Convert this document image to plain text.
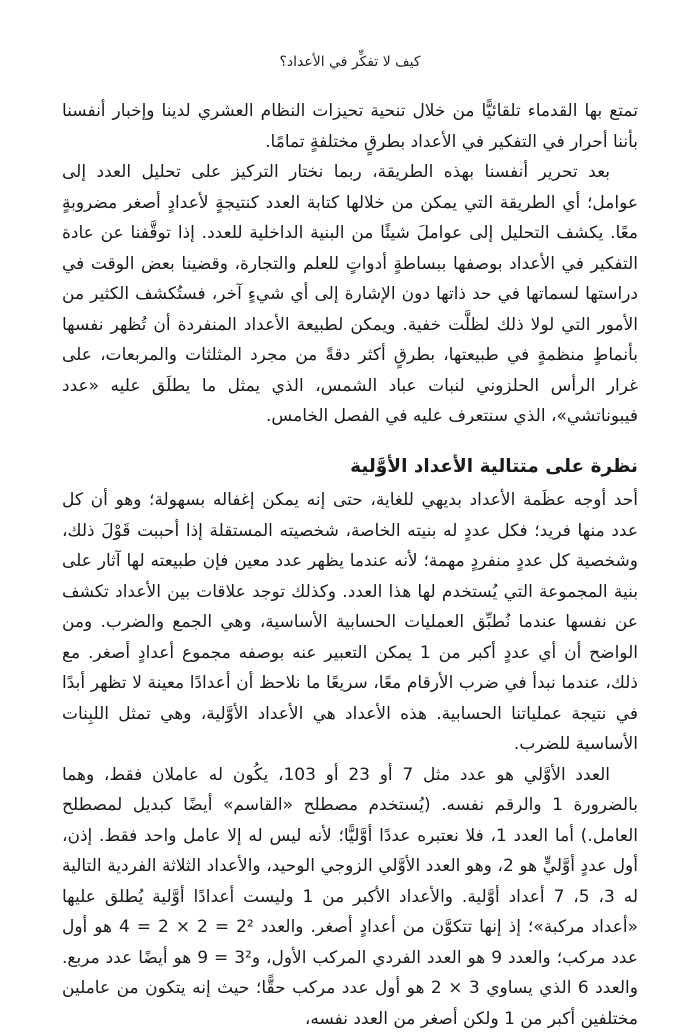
كيف لا تفكِّر في الأعداد؟

تمتع بها القدماء تلقائيًّا من خلال تنحية تحيزات النظام العشري لدينا وإخبار أنفسنا بأننا أحرار في التفكير في الأعداد بطرقٍ مختلفةٍ تمامًا.

بعد تحرير أنفسنا بهذه الطريقة، ربما نختار التركيز على تحليل العدد إلى عوامل؛ أي الطريقة التي يمكن من خلالها كتابة العدد كنتيجةٍ لأعدادٍ أصغر مضروبةٍ معًا. يكشف التحليل إلى عواملَ شيئًا من البنية الداخلية للعدد. إذا توقَّفنا عن عادة التفكير في الأعداد بوصفها ببساطةٍ أدواتٍ للعلم والتجارة، وقضينا بعض الوقت في دراستها لسماتها في حد ذاتها دون الإشارة إلى أي شيءٍ آخر، فستُكشف الكثير من الأمور التي لولا ذلك لظلَّت خفية. ويمكن لطبيعة الأعداد المنفردة أن تُظهر نفسها بأنماطٍ منظمةٍ في طبيعتها، بطرقٍ أكثر دقةً من مجرد المثلثات والمربعات، على غرار الرأس الحلزوني لنبات عباد الشمس، الذي يمثل ما يطلَق عليه «عدد فيبوناتشي»، الذي سنتعرف عليه في الفصل الخامس.

نظرة على متتالية الأعداد الأوَّلية

أحد أوجه عظَمة الأعداد بديهي للغاية، حتى إنه يمكن إغفاله بسهولة؛ وهو أن كل عدد منها فريد؛ فكل عددٍ له بنيته الخاصة، شخصيته المستقلة إذا أحببت قَوْلَ ذلك، وشخصية كل عددٍ منفردٍ مهمة؛ لأنه عندما يظهر عدد معين فإن طبيعته لها آثار على بنية المجموعة التي يُستخدم لها هذا العدد. وكذلك توجد علاقات بين الأعداد تكشف عن نفسها عندما نُطبِّق العمليات الحسابية الأساسية، وهي الجمع والضرب. ومن الواضح أن أي عددٍ أكبر من 1 يمكن التعبير عنه بوصفه مجموع أعدادٍ أصغر. مع ذلك، عندما نبدأ في ضرب الأرقام معًا، سريعًا ما نلاحظ أن أعدادًا معينة لا تظهر أبدًا في نتيجة عملياتنا الحسابية. هذه الأعداد هي الأعداد الأوَّلية، وهي تمثل اللبِنات الأساسية للضرب.

العدد الأوَّلي هو عدد مثل 7 أو 23 أو 103، يكُون له عاملان فقط، وهما بالضرورة 1 والرقم نفسه. (يُستخدم مصطلح «القاسم» أيضًا كبديل لمصطلح العامل.) أما العدد 1، فلا نعتبره عددًا أوَّليًّا؛ لأنه ليس له إلا عامل واحد فقط. إذن، أول عددٍ أوَّليٍّ هو 2، وهو العدد الأوَّلي الزوجي الوحيد، والأعداد الثلاثة الفردية التالية له 3، 5، 7 أعداد أوَّلية. والأعداد الأكبر من 1 وليست أعدادًا أوَّلية يُطلق عليها «أعداد مركبة»؛ إذ إنها تتكوَّن من أعدادٍ أصغر. والعدد 2² = 2 × 2 = 4 هو أول عدد مركب؛ والعدد 9 هو العدد الفردي المركب الأول، و3² = 9 هو أيضًا عدد مربع. والعدد 6 الذي يساوي 3 × 2 هو أول عدد مركب حقًّا؛ حيث إنه يتكون من عاملين مختلفين أكبر من 1 ولكن أصغر من العدد نفسه،
